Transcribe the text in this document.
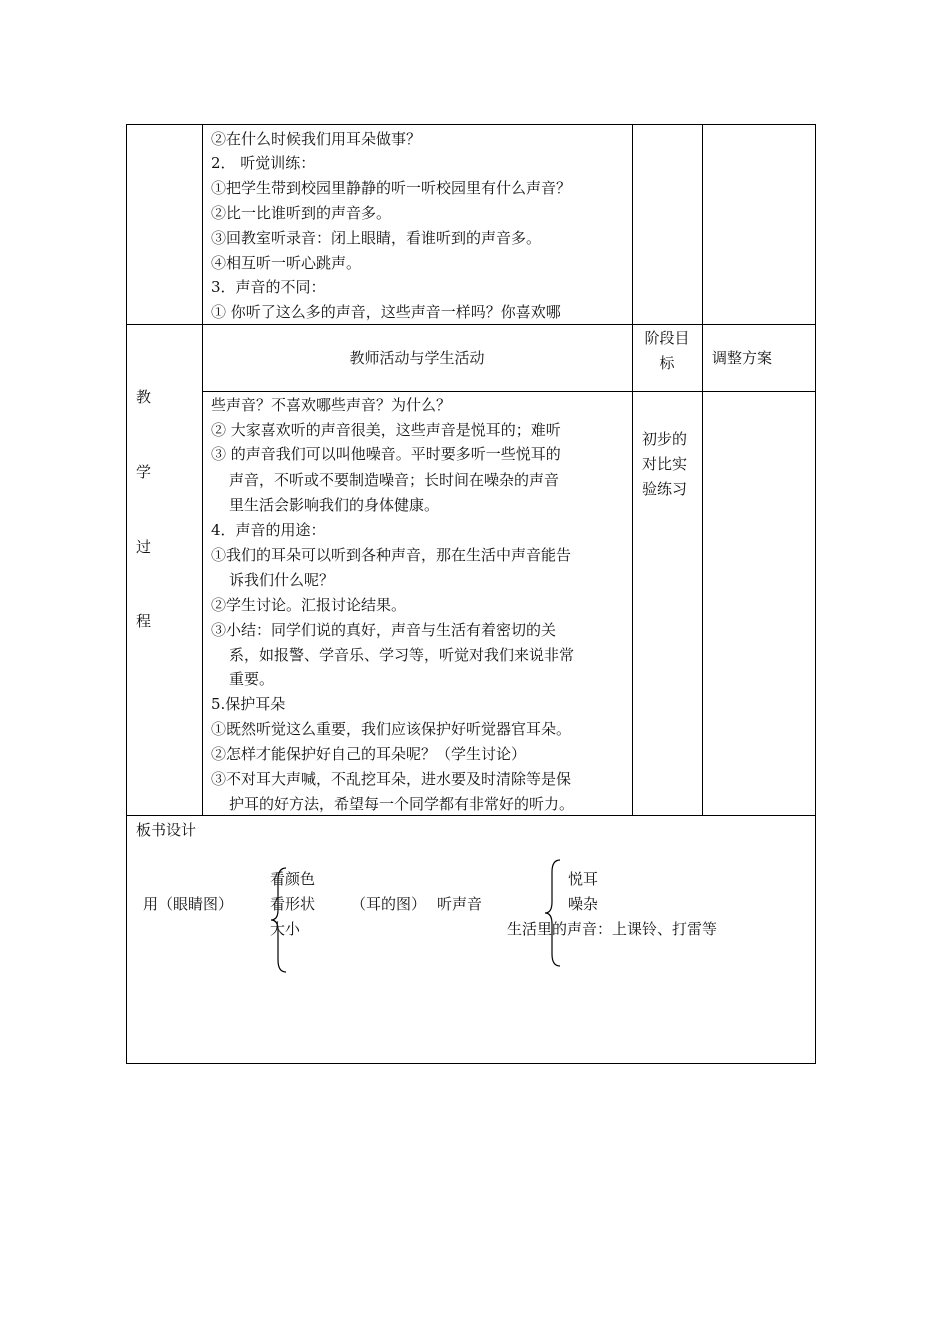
②在什么时候我们用耳朵做事？
2． 听觉训练：
①把学生带到校园里静静的听一听校园里有什么声音？
②比一比谁听到的声音多。
③回教室听录音：闭上眼睛，看谁听到的声音多。
④相互听一听心跳声。
3．声音的不同：
① 你听了这么多的声音，这些声音一样吗？你喜欢哪
教师活动与学生活动
阶段目
标	调整方案
教
学
过
程
些声音？不喜欢哪些声音？为什么？
② 大家喜欢听的声音很美，这些声音是悦耳的；难听
③ 的声音我们可以叫他噪音。平时要多听一些悦耳的
声音，不听或不要制造噪音；长时间在噪杂的声音
里生活会影响我们的身体健康。
4．声音的用途：
①我们的耳朵可以听到各种声音，那在生活中声音能告
诉我们什么呢？
②学生讨论。汇报讨论结果。
③小结：同学们说的真好，声音与生活有着密切的关
系，如报警、学音乐、学习等，听觉对我们来说非常
重要。
5.保护耳朵
①既然听觉这么重要，我们应该保护好听觉器官耳朵。
②怎样才能保护好自己的耳朵呢？（学生讨论）
③不对耳大声喊，不乱挖耳朵，进水要及时清除等是保
护耳的好方法，希望每一个同学都有非常好的听力。
初步的
对比实
验练习
板书设计
用（眼睛图）
看颜色
看形状
大小
（耳的图） 听声音
悦耳
噪杂
生活里的声音：上课铃、打雷等
